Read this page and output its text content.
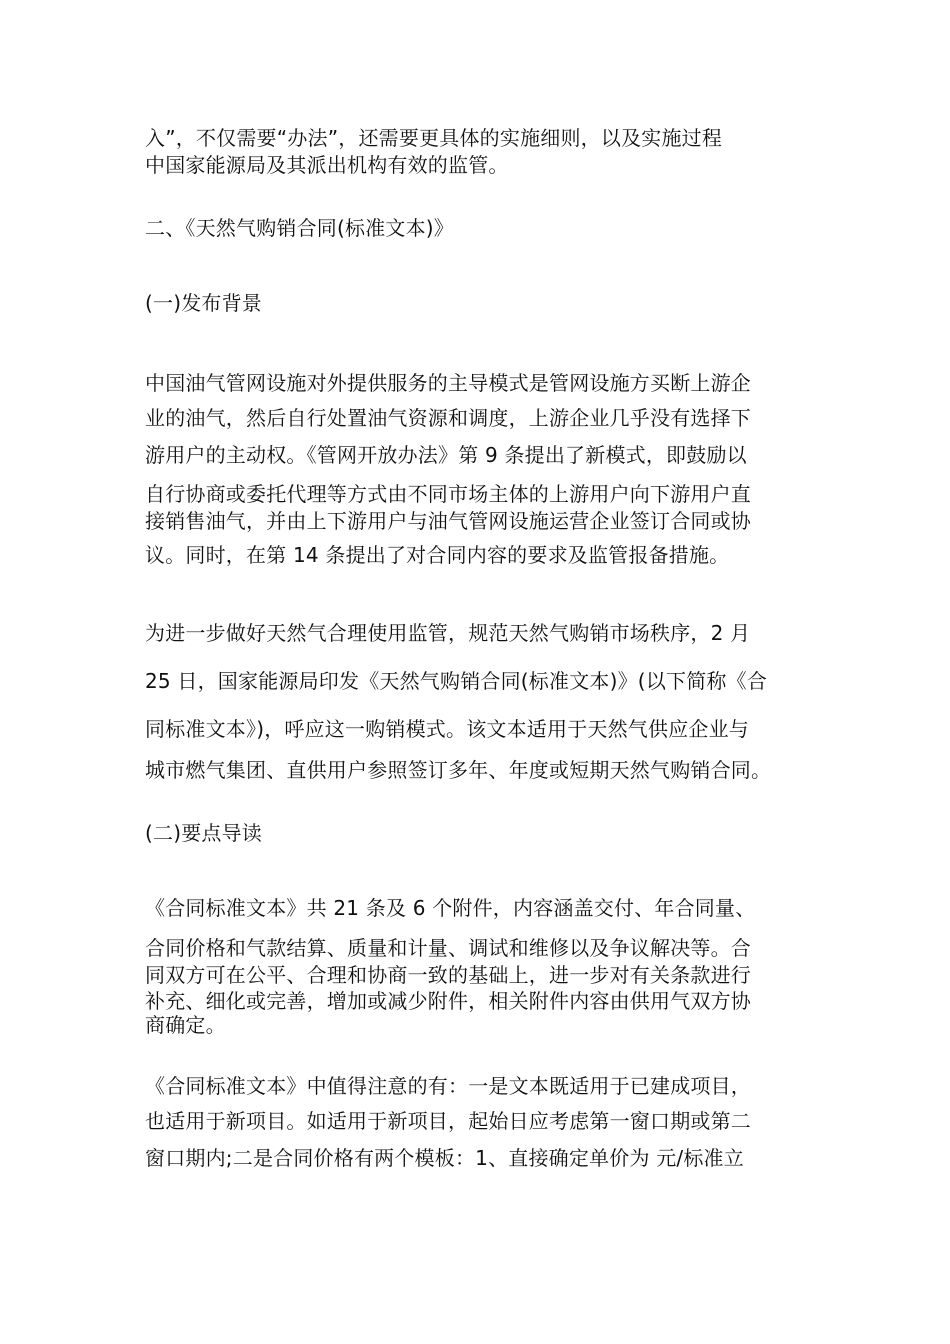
入”，不仅需要“办法”，还需要更具体的实施细则，以及实施过程
中国家能源局及其派出机构有效的监管。
二、《天然气购销合同(标准文本)》
(一)发布背景
中国油气管网设施对外提供服务的主导模式是管网设施方买断上游企
业的油气，然后自行处置油气资源和调度，上游企业几乎没有选择下
游用户的主动权。《管网开放办法》第 9 条提出了新模式，即鼓励以
自行协商或委托代理等方式由不同市场主体的上游用户向下游用户直
接销售油气，并由上下游用户与油气管网设施运营企业签订合同或协
议。同时，在第 14 条提出了对合同内容的要求及监管报备措施。
为进一步做好天然气合理使用监管，规范天然气购销市场秩序，2 月
25 日，国家能源局印发《天然气购销合同(标准文本)》(以下简称《合
同标准文本》)，呼应这一购销模式。该文本适用于天然气供应企业与
城市燃气集团、直供用户参照签订多年、年度或短期天然气购销合同。
(二)要点导读
《合同标准文本》共 21 条及 6 个附件，内容涵盖交付、年合同量、
合同价格和气款结算、质量和计量、调试和维修以及争议解决等。合
同双方可在公平、合理和协商一致的基础上，进一步对有关条款进行
补充、细化或完善，增加或减少附件，相关附件内容由供用气双方协
商确定。
《合同标准文本》中值得注意的有：一是文本既适用于已建成项目，
也适用于新项目。如适用于新项目，起始日应考虑第一窗口期或第二
窗口期内;二是合同价格有两个模板：1、直接确定单价为 元/标准立
